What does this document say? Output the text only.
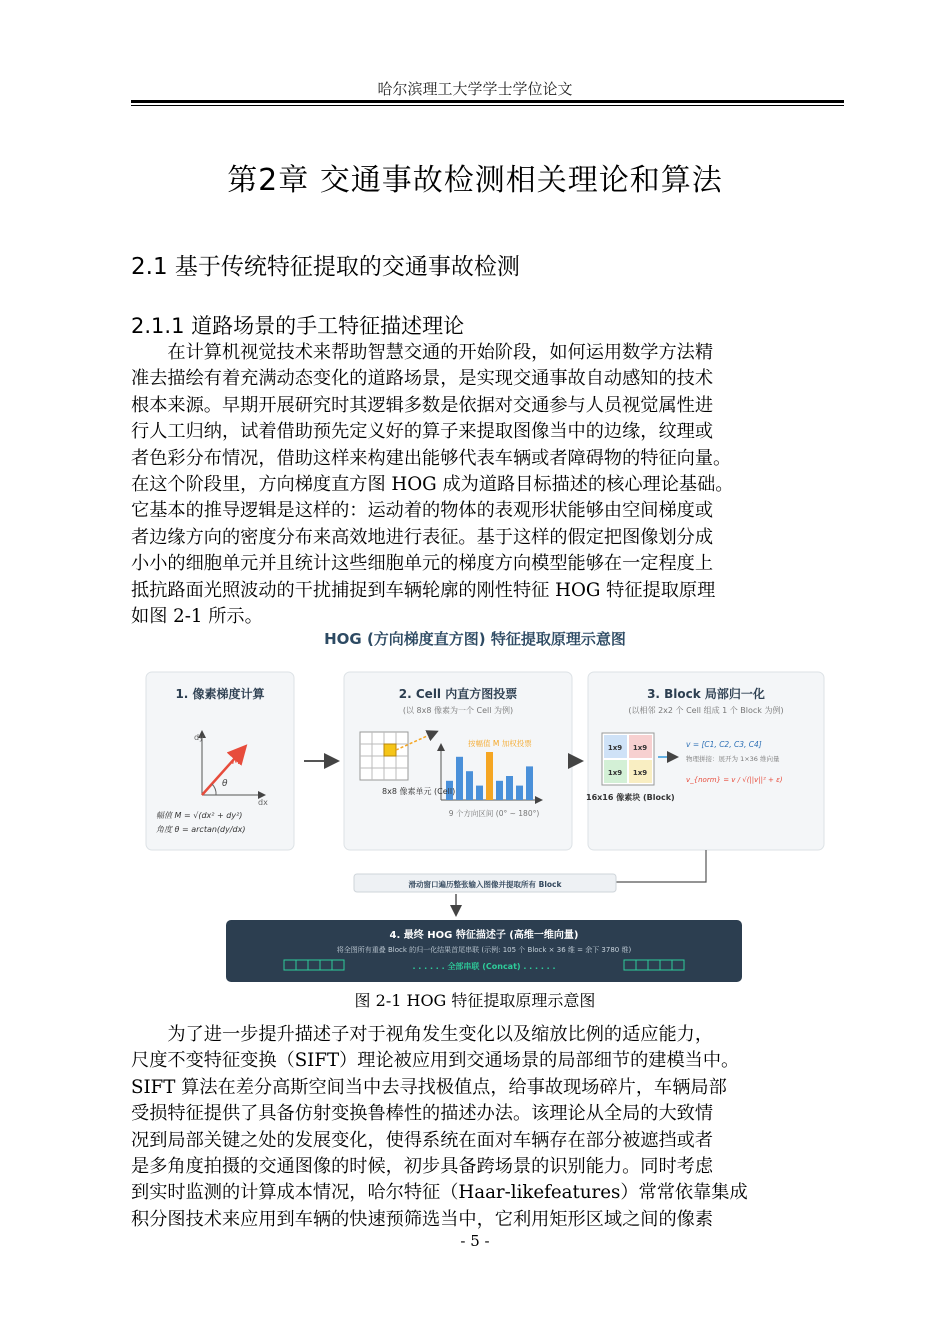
哈尔滨理工大学学士学位论文
第2章 交通事故检测相关理论和算法
2.1 基于传统特征提取的交通事故检测
2.1.1 道路场景的手工特征描述理论
　　在计算机视觉技术来帮助智慧交通的开始阶段，如何运用数学方法精
准去描绘有着充满动态变化的道路场景，是实现交通事故自动感知的技术
根本来源。早期开展研究时其逻辑多数是依据对交通参与人员视觉属性进
行人工归纳，试着借助预先定义好的算子来提取图像当中的边缘，纹理或
者色彩分布情况，借助这样来构建出能够代表车辆或者障碍物的特征向量。
在这个阶段里，方向梯度直方图 HOG 成为道路目标描述的核心理论基础。
它基本的推导逻辑是这样的：运动着的物体的表观形状能够由空间梯度或
者边缘方向的密度分布来高效地进行表征。基于这样的假定把图像划分成
小小的细胞单元并且统计这些细胞单元的梯度方向模型能够在一定程度上
抵抗路面光照波动的干扰捕捉到车辆轮廓的刚性特征 HOG 特征提取原理
如图 2-1 所示。
HOG (方向梯度直方图) 特征提取原理示意图
1. 像素梯度计算
dy
dx
M
θ
幅值 M = √(dx² + dy²)
角度 θ = arctan(dy/dx)
2. Cell 内直方图投票
(以 8x8 像素为一个 Cell 为例)
按幅值 M 加权投票
8x8 像素单元 (Cell)
9 个方向区间 (0° ~ 180°)
3. Block 局部归一化
(以相邻 2x2 个 Cell 组成 1 个 Block 为例)
1x9 1x9
1x9 1x9
v = [C1, C2, C3, C4]
物理拼接：展开为 1×36 维向量
v_{norm} = v / √(||v||² + ε)
16x16 像素块 (Block)
滑动窗口遍历整张输入图像并提取所有 Block
4. 最终 HOG 特征描述子 (高维一维向量)
将全图所有重叠 Block 的归一化结果首尾串联 (示例: 105 个 Block × 36 维 = 余下 3780 维)
. . . . . . 全部串联 (Concat) . . . . . .
图 2-1 HOG 特征提取原理示意图
　　为了进一步提升描述子对于视角发生变化以及缩放比例的适应能力，
尺度不变特征变换（SIFT）理论被应用到交通场景的局部细节的建模当中。
SIFT 算法在差分高斯空间当中去寻找极值点，给事故现场碎片，车辆局部
受损特征提供了具备仿射变换鲁棒性的描述办法。该理论从全局的大致情
况到局部关键之处的发展变化，使得系统在面对车辆存在部分被遮挡或者
是多角度拍摄的交通图像的时候，初步具备跨场景的识别能力。同时考虑
到实时监测的计算成本情况，哈尔特征（Haar-likefeatures）常常依靠集成
积分图技术来应用到车辆的快速预筛选当中，它利用矩形区域之间的像素
- 5 -
